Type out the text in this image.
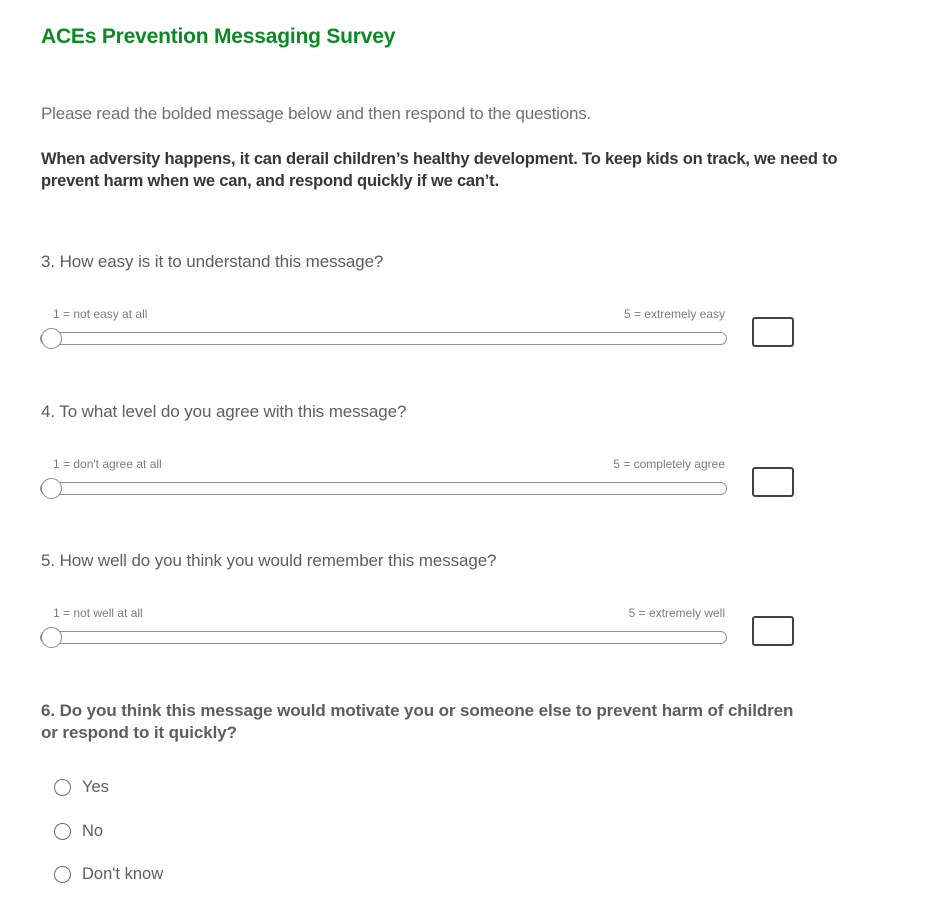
ACEs Prevention Messaging Survey

Please read the bolded message below and then respond to the questions.

When adversity happens, it can derail children’s healthy development. To keep kids on track, we need to prevent harm when we can, and respond quickly if we can’t.

3. How easy is it to understand this message?
1 = not easy at all	5 = extremely easy
4. To what level do you agree with this message?
1 = don't agree at all	5 = completely agree
5. How well do you think you would remember this message?
1 = not well at all	5 = extremely well
6. Do you think this message would motivate you or someone else to prevent harm of children or respond to it quickly?
Yes
No
Don't know
